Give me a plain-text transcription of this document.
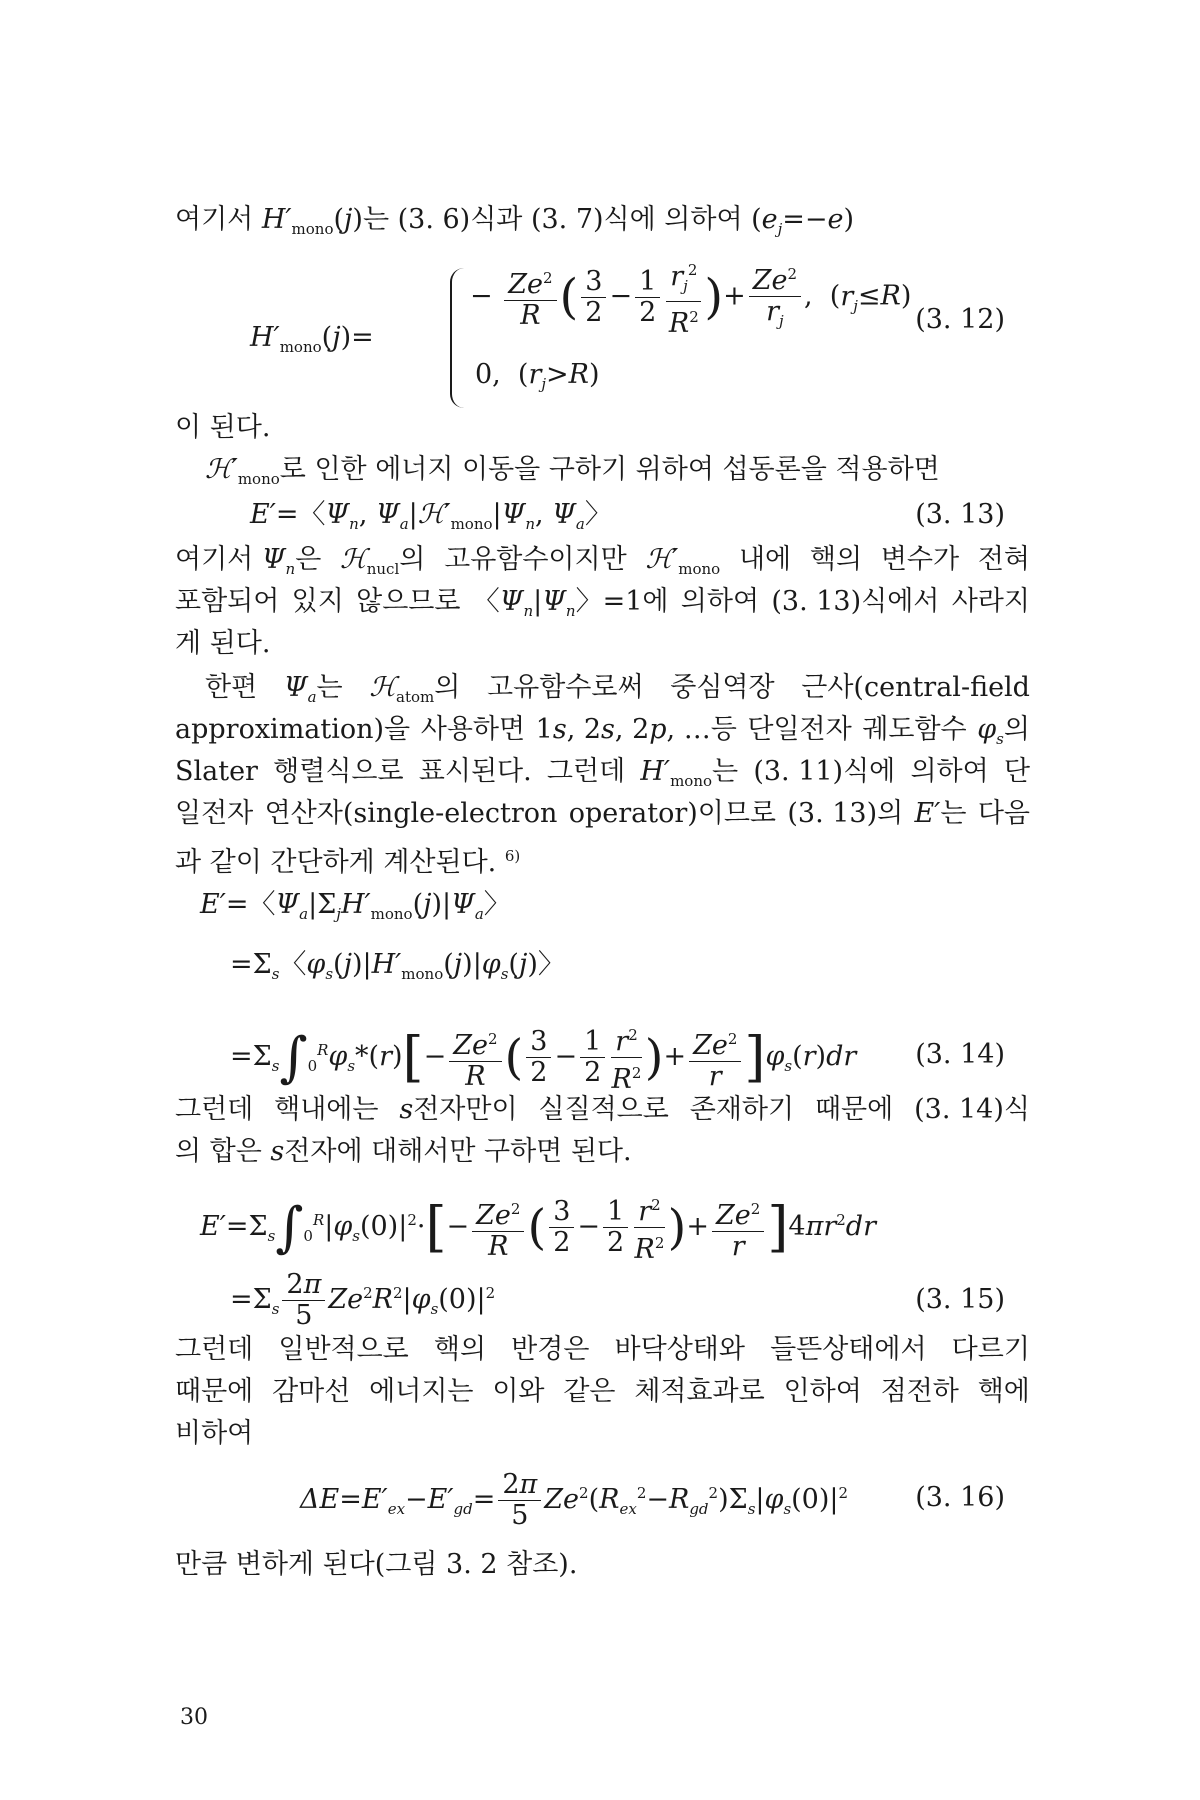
여기서 $H'_{mono}(j)$는 (3. 6)식과 (3. 7)식에 의하여 $(e_j=-e)$
$H'_{mono}(j)=$
− $\frac{Ze^2}{R}$ ( $\frac{3}{2} - \frac{1}{2} \frac{r_j^2}{R^2}$ )+ $\frac{Ze^2}{r_j}$ ,  $(r_j\le R)$
0,  $(r_j>R)$
(3. 12)
이 된다.
$ℋ'_{mono}$로 인한 에너지 이동을 구하기 위하여 섭동론을 적용하면
E′=〈$\Psi_n$, $\Psi_a|ℋ'_{mono}|\Psi_n$, $\Psi_a$〉	(3. 13)
여기서 $\Psi_n$은 ℋ$_{nucl}$의 고유함수이지만 $ℋ'_{mono}$ 내에 핵의 변수가 전혀
포함되어 있지 않으므로 〈$\Psi_n|\Psi_n$〉=1에 의하여 (3. 13)식에서 사라지
게 된다.
한편 $\Psi_a$는 ℋ$_{atom}$의 고유함수로써 중심역장 근사(central-field
approximation)을 사용하면 1s, 2s, 2p, …등 단일전자 궤도함수 $\varphi_s$의
Slater 행렬식으로 표시된다. 그런데 $H'_{mono}$는 (3. 11)식에 의하여 단
일전자 연산자(single-electron operator)이므로 (3. 13)의 E′는 다음
과 같이 간단하게 계산된다. $^{6)}$
E′=〈$\Psi_a|\Sigma_jH'_{mono}(j)|\Psi_a$〉
$=\Sigma_s$〈$\varphi_s(j)|H'_{mono}(j)|\varphi_s(j)$〉
$=\Sigma_s\int_0^R\varphi_s*(r)[- \frac{Ze^2}{R}$ ( $\frac{3}{2} - \frac{1}{2} \frac{r^2}{R^2}$ )+ $\frac{Ze^2}{r} ]\varphi_s(r)dr$ (3. 14)
그런데 핵내에는 s전자만이 실질적으로 존재하기 때문에 (3. 14)식
의 합은 s전자에 대해서만 구하면 된다.
$E'=\Sigma_s\int_0^R|\varphi_s(0)|^2\cdot[- \frac{Ze^2}{R}$ ( $\frac{3}{2} - \frac{1}{2} \frac{r^2}{R^2}$ )+ $\frac{Ze^2}{r} ]4\pi r^2dr$
$=\Sigma_s \frac{2\pi}{5} Ze^2R^2|\varphi_s(0)|^2$	(3. 15)
그런데 일반적으로 핵의 반경은 바닥상태와 들뜬상태에서 다르기
때문에 감마선 에너지는 이와 같은 체적효과로 인하여 점전하 핵에
비하여
$\Delta E=E'_{ex}-E'_{gd}= \frac{2\pi}{5} Ze^2(R_{ex}^2-R_{gd}^2)\Sigma_s|\varphi_s(0)|^2$ (3. 16)
만큼 변하게 된다(그림 3. 2 참조).
30
